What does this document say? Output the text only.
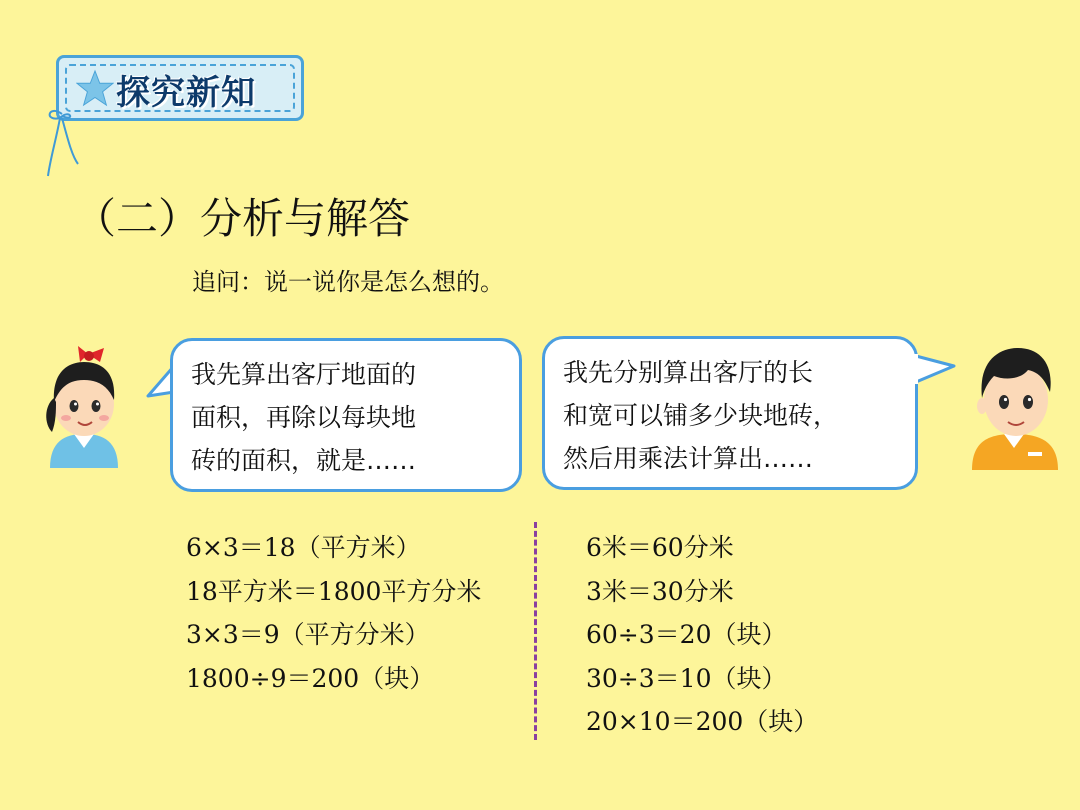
探究新知
（二）分析与解答
追问：说一说你是怎么想的。
我先算出客厅地面的
面积，再除以每块地
砖的面积，就是……
我先分别算出客厅的长
和宽可以铺多少块地砖，
然后用乘法计算出……
6×3＝18（平方米）
18平方米＝1800平方分米
3×3＝9（平方分米）
1800÷9＝200（块）
6米＝60分米
3米＝30分米
60÷3＝20（块）
30÷3＝10（块）
20×10＝200（块）
